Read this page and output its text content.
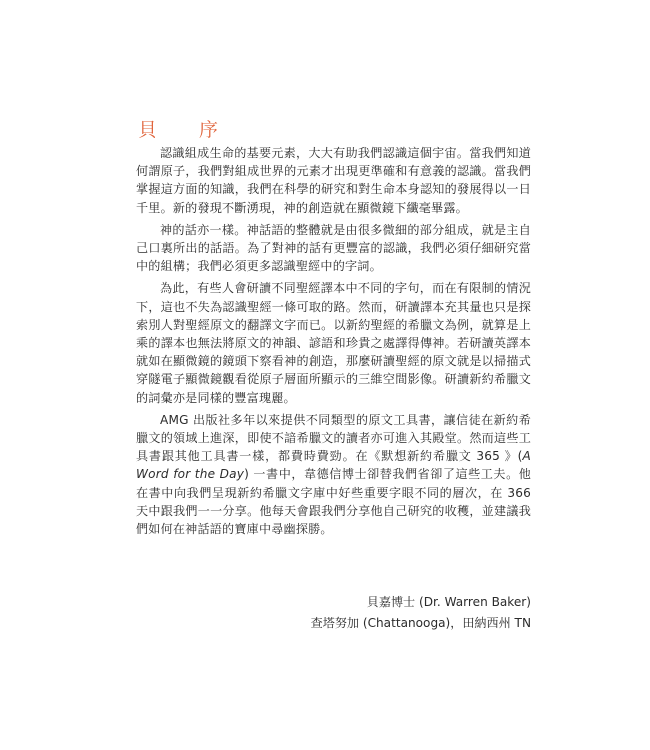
貝 序

認識組成生命的基要元素，大大有助我們認識這個宇宙。當我們知道何謂原子，我們對組成世界的元素才出現更準確和有意義的認識。當我們掌握這方面的知識，我們在科學的研究和對生命本身認知的發展得以一日千里。新的發現不斷湧現，神的創造就在顯微鏡下纖毫畢露。

神的話亦一樣。神話語的整體就是由很多微細的部分組成，就是主自己口裏所出的話語。為了對神的話有更豐富的認識，我們必須仔細研究當中的組構；我們必須更多認識聖經中的字詞。

為此，有些人會研讀不同聖經譯本中不同的字句，而在有限制的情況下，這也不失為認識聖經一條可取的路。然而，研讀譯本充其量也只是探索別人對聖經原文的翻譯文字而已。以新約聖經的希臘文為例，就算是上乘的譯本也無法將原文的神韻、諺語和珍貴之處譯得傳神。若研讀英譯本就如在顯微鏡的鏡頭下察看神的創造，那麼研讀聖經的原文就是以掃描式穿隧電子顯微鏡觀看從原子層面所顯示的三維空間影像。研讀新約希臘文的詞彙亦是同樣的豐富瑰麗。

AMG 出版社多年以來提供不同類型的原文工具書，讓信徒在新約希臘文的領域上進深，即使不諳希臘文的讀者亦可進入其殿堂。然而這些工具書跟其他工具書一樣，都費時費勁。在《默想新約希臘文 365 》(A Word for the Day) 一書中，韋德信博士卻替我們省卻了這些工夫。他在書中向我們呈現新約希臘文字庫中好些重要字眼不同的層次，在 366 天中跟我們一一分享。他每天會跟我們分享他自己研究的收穫，並建議我們如何在神話語的寶庫中尋幽探勝。

貝嘉博士 (Dr. Warren Baker)
查塔努加 (Chattanooga)，田納西州 TN
